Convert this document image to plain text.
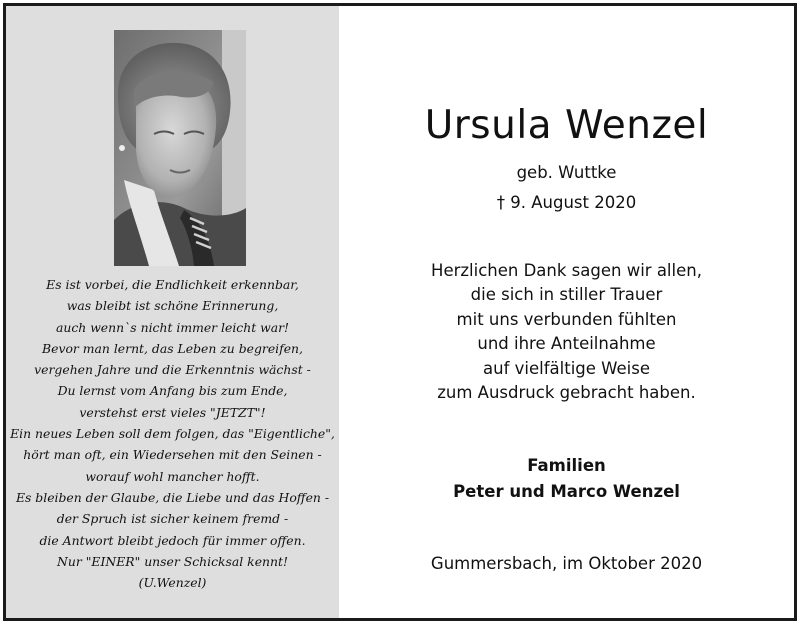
Es ist vorbei, die Endlichkeit erkennbar,
was bleibt ist schöne Erinnerung,
auch wenn`s nicht immer leicht war!
Bevor man lernt, das Leben zu begreifen,
vergehen Jahre und die Erkenntnis wächst -
Du lernst vom Anfang bis zum Ende,
verstehst erst vieles "JETZT"!
Ein neues Leben soll dem folgen, das "Eigentliche",
hört man oft, ein Wiedersehen mit den Seinen -
worauf wohl mancher hofft.
Es bleiben der Glaube, die Liebe und das Hoffen -
der Spruch ist sicher keinem fremd -
die Antwort bleibt jedoch für immer offen.
Nur "EINER" unser Schicksal kennt!
(U.Wenzel)
Ursula Wenzel
geb. Wuttke
† 9. August 2020
Herzlichen Dank sagen wir allen,
die sich in stiller Trauer
mit uns verbunden fühlten
und ihre Anteilnahme
auf vielfältige Weise
zum Ausdruck gebracht haben.
Familien
Peter und Marco Wenzel
Gummersbach, im Oktober 2020
